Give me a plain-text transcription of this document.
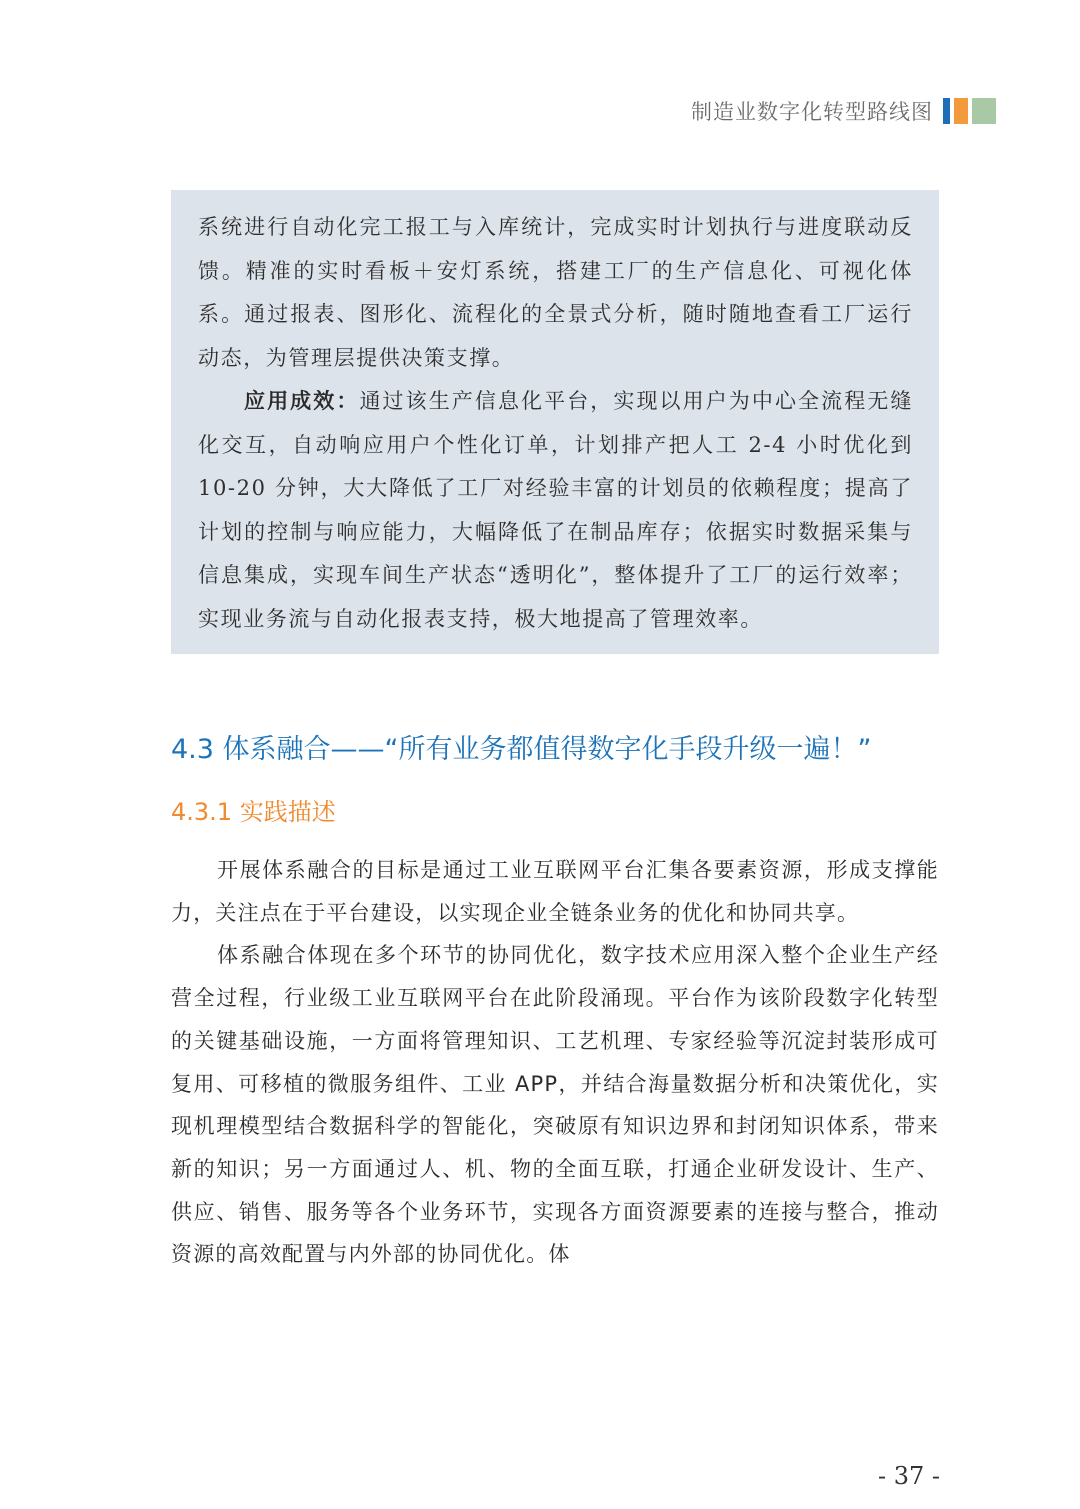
制造业数字化转型路线图

系统进行自动化完工报工与入库统计，完成实时计划执行与进度联动反馈。精准的实时看板＋安灯系统，搭建工厂的生产信息化、可视化体系。通过报表、图形化、流程化的全景式分析，随时随地查看工厂运行动态，为管理层提供决策支撑。

应用成效：通过该生产信息化平台，实现以用户为中心全流程无缝化交互，自动响应用户个性化订单，计划排产把人工 2-4 小时优化到 10-20 分钟，大大降低了工厂对经验丰富的计划员的依赖程度；提高了计划的控制与响应能力，大幅降低了在制品库存；依据实时数据采集与信息集成，实现车间生产状态“透明化”，整体提升了工厂的运行效率；实现业务流与自动化报表支持，极大地提高了管理效率。

4.3 体系融合——“所有业务都值得数字化手段升级一遍！”
4.3.1 实践描述

开展体系融合的目标是通过工业互联网平台汇集各要素资源，形成支撑能力，关注点在于平台建设，以实现企业全链条业务的优化和协同共享。

体系融合体现在多个环节的协同优化，数字技术应用深入整个企业生产经营全过程，行业级工业互联网平台在此阶段涌现。平台作为该阶段数字化转型的关键基础设施，一方面将管理知识、工艺机理、专家经验等沉淀封装形成可复用、可移植的微服务组件、工业 APP，并结合海量数据分析和决策优化，实现机理模型结合数据科学的智能化，突破原有知识边界和封闭知识体系，带来新的知识；另一方面通过人、机、物的全面互联，打通企业研发设计、生产、供应、销售、服务等各个业务环节，实现各方面资源要素的连接与整合，推动资源的高效配置与内外部的协同优化。体

- 37 -
